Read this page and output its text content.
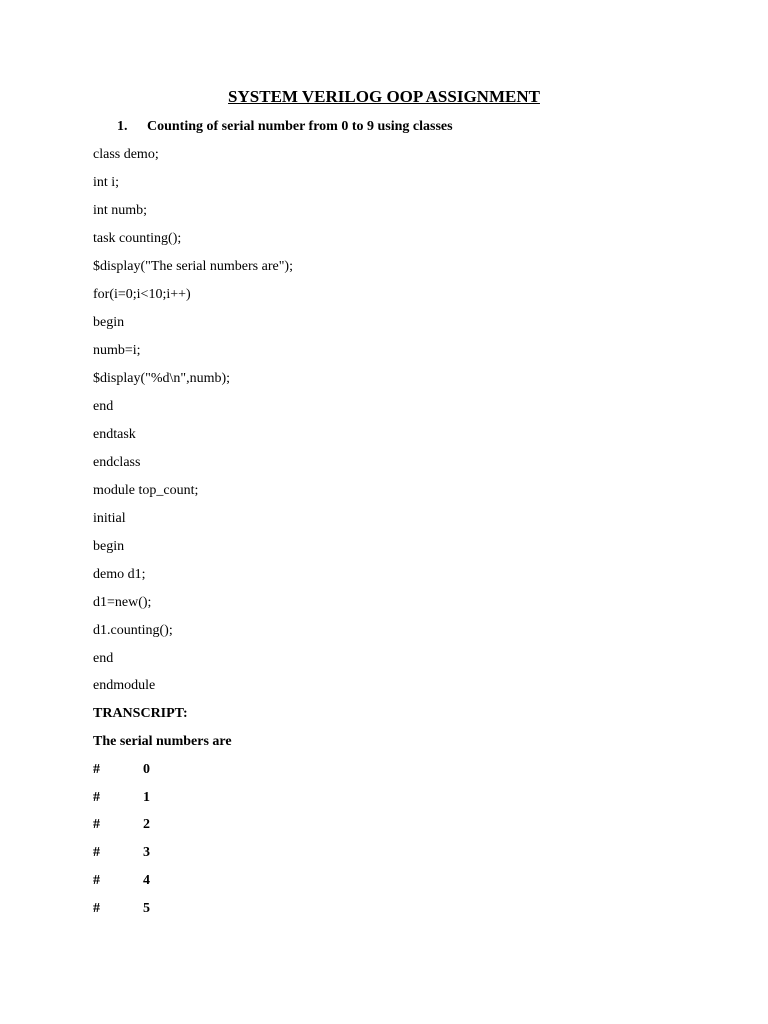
SYSTEM VERILOG OOP ASSIGNMENT
1. Counting of serial number from 0 to 9 using classes
class demo;
int i;
int numb;
task counting();
$display("The serial numbers are");
for(i=0;i<10;i++)
begin
numb=i;
$display("%d\n",numb);
end
endtask
endclass
module top_count;
initial
begin
demo d1;
d1=new();
d1.counting();
end
endmodule
TRANSCRIPT:
The serial numbers are
#	0
#	1
#	2
#	3
#	4
#	5
